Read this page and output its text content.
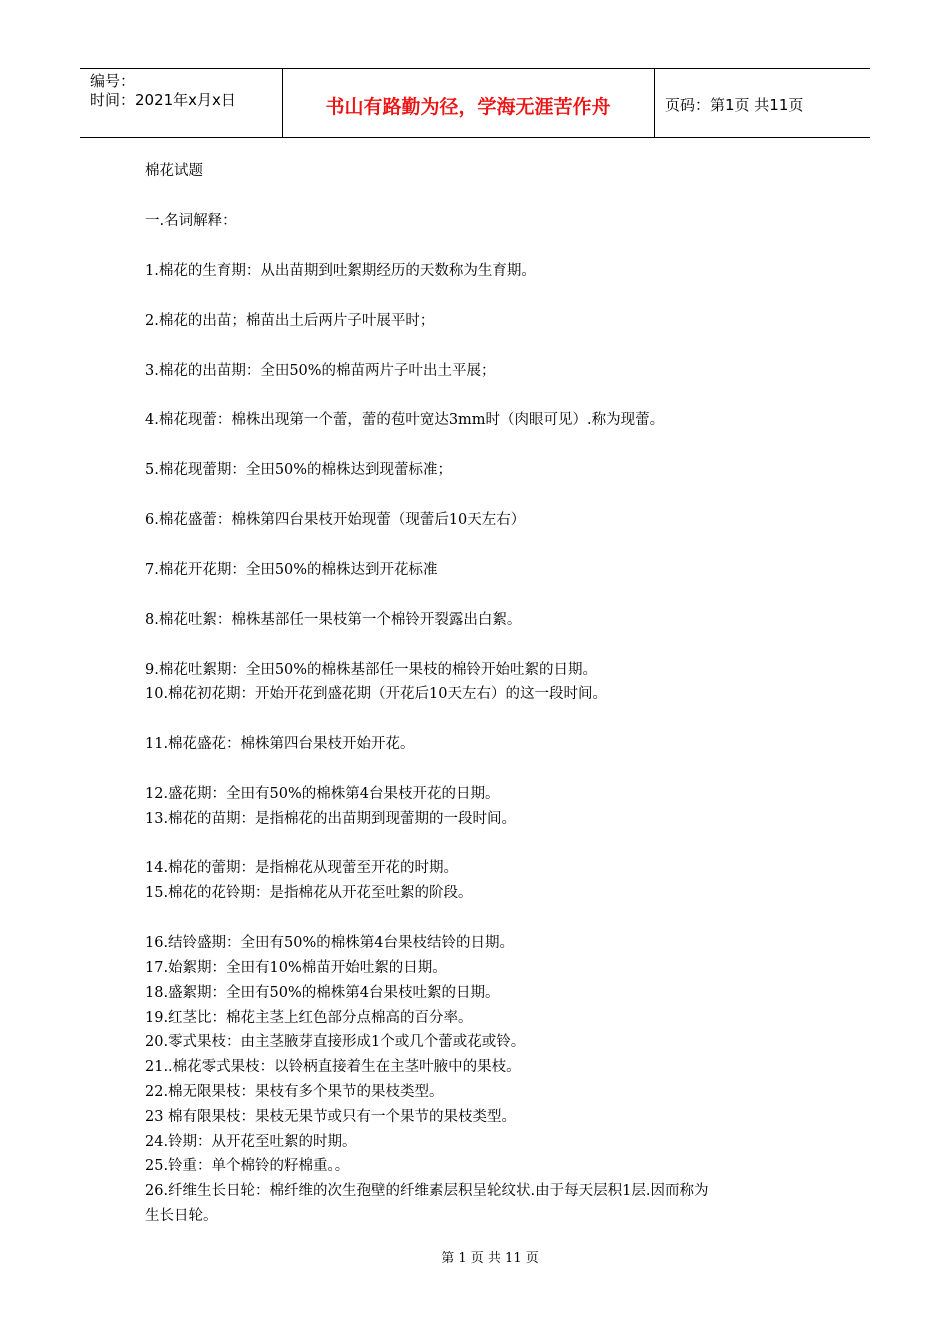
编号：
时间：2021年x月x日	书山有路勤为径，学海无涯苦作舟	页码：第1页 共11页
棉花试题
一.名词解释：
1.棉花的生育期：从出苗期到吐絮期经历的天数称为生育期。
2.棉花的出苗；棉苗出土后两片子叶展平时；
3.棉花的出苗期：全田50%的棉苗两片子叶出土平展；
4.棉花现蕾：棉株出现第一个蕾，蕾的苞叶宽达3mm时（肉眼可见）.称为现蕾。
5.棉花现蕾期：全田50%的棉株达到现蕾标准；
6.棉花盛蕾：棉株第四台果枝开始现蕾（现蕾后10天左右）
7.棉花开花期：全田50%的棉株达到开花标准
8.棉花吐絮：棉株基部任一果枝第一个棉铃开裂露出白絮。
9.棉花吐絮期：全田50%的棉株基部任一果枝的棉铃开始吐絮的日期。
10.棉花初花期：开始开花到盛花期（开花后10天左右）的这一段时间。
11.棉花盛花：棉株第四台果枝开始开花。
12.盛花期：全田有50%的棉株第4台果枝开花的日期。
13.棉花的苗期：是指棉花的出苗期到现蕾期的一段时间。
14.棉花的蕾期：是指棉花从现蕾至开花的时期。
15.棉花的花铃期：是指棉花从开花至吐絮的阶段。
16.结铃盛期：全田有50%的棉株第4台果枝结铃的日期。
17.始絮期：全田有10%棉苗开始吐絮的日期。
18.盛絮期：全田有50%的棉株第4台果枝吐絮的日期。
19.红茎比：棉花主茎上红色部分点棉高的百分率。
20.零式果枝：由主茎腋芽直接形成1个或几个蕾或花或铃。
21..棉花零式果枝：以铃柄直接着生在主茎叶腋中的果枝。
22.棉无限果枝：果枝有多个果节的果枝类型。
23 棉有限果枝：果枝无果节或只有一个果节的果枝类型。
24.铃期：从开花至吐絮的时期。
25.铃重：单个棉铃的籽棉重。。
26.纤维生长日轮：棉纤维的次生孢壁的纤维素层积呈轮纹状.由于每天层积1层.因而称为
生长日轮。
第 1 页 共 11 页
